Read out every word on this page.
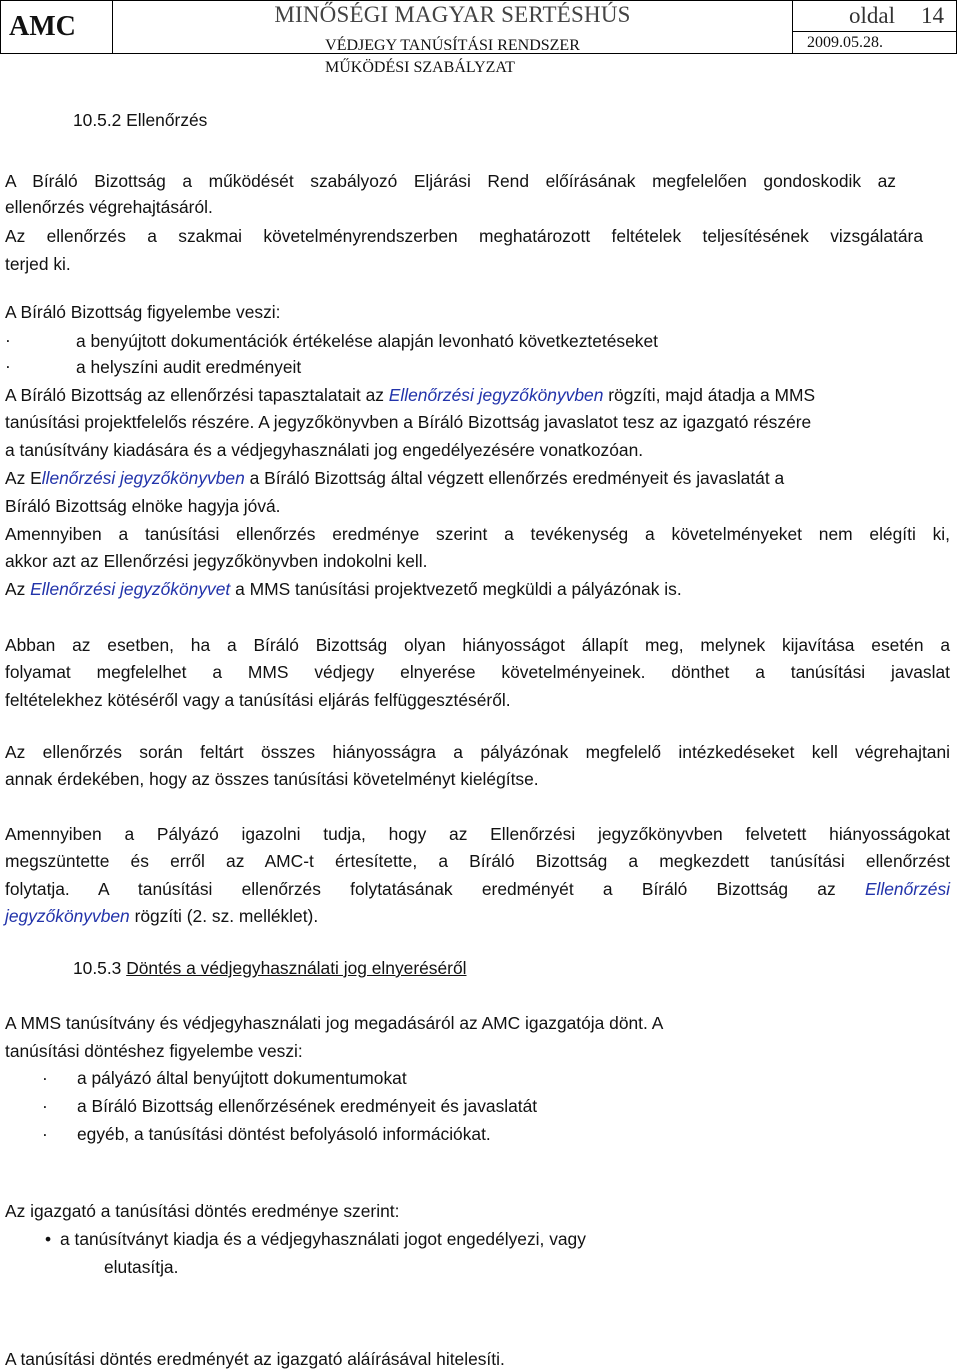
AMC	MINŐSÉGI MAGYAR SERTÉSHÚS
VÉDJEGY TANÚSÍTÁSI RENDSZER
oldal 14
2009.05.28.
MŰKÖDÉSI SZABÁLYZAT
10.5.2 Ellenőrzés
A Bíráló Bizottság a működését szabályozó Eljárási Rend előírásának megfelelően gondoskodik az
ellenőrzés végrehajtásáról.
Az ellenőrzés a szakmai követelményrendszerben meghatározott feltételek teljesítésének vizsgálatára
terjed ki.
A Bíráló Bizottság figyelembe veszi:
·	a benyújtott dokumentációk értékelése alapján levonható következtetéseket
·	a helyszíni audit eredményeit
A Bíráló Bizottság az ellenőrzési tapasztalatait az Ellenőrzési jegyzőkönyvben rögzíti, majd átadja a MMS
tanúsítási projektfelelős részére. A jegyzőkönyvben a Bíráló Bizottság javaslatot tesz az igazgató részére
a tanúsítvány kiadására és a védjegyhasználati jog engedélyezésére vonatkozóan.
Az Ellenőrzési jegyzőkönyvben a Bíráló Bizottság által végzett ellenőrzés eredményeit és javaslatát a
Bíráló Bizottság elnöke hagyja jóvá.
Amennyiben a tanúsítási ellenőrzés eredménye szerint a tevékenység a követelményeket nem elégíti ki,
akkor azt az Ellenőrzési jegyzőkönyvben indokolni kell.
Az Ellenőrzési jegyzőkönyvet a MMS tanúsítási projektvezető megküldi a pályázónak is.
Abban az esetben, ha a Bíráló Bizottság olyan hiányosságot állapít meg, melynek kijavítása esetén a
folyamat megfelelhet a MMS védjegy elnyerése követelményeinek. dönthet a tanúsítási javaslat
feltételekhez kötéséről vagy a tanúsítási eljárás felfüggesztéséről.
Az ellenőrzés során feltárt összes hiányosságra a pályázónak megfelelő intézkedéseket kell végrehajtani
annak érdekében, hogy az összes tanúsítási követelményt kielégítse.
Amennyiben a Pályázó igazolni tudja, hogy az Ellenőrzési jegyzőkönyvben felvetett hiányosságokat
megszüntette és erről az AMC-t értesítette, a Bíráló Bizottság a megkezdett tanúsítási ellenőrzést
folytatja. A tanúsítási ellenőrzés folytatásának eredményét a Bíráló Bizottság az Ellenőrzési
jegyzőkönyvben rögzíti (2. sz. melléklet).
10.5.3 Döntés a védjegyhasználati jog elnyeréséről
A MMS tanúsítvány és védjegyhasználati jog megadásáról az AMC igazgatója dönt. A
tanúsítási döntéshez figyelembe veszi:
· a pályázó által benyújtott dokumentumokat
· a Bíráló Bizottság ellenőrzésének eredményeit és javaslatát
· egyéb, a tanúsítási döntést befolyásoló információkat.
Az igazgató a tanúsítási döntés eredménye szerint:
• a tanúsítványt kiadja és a védjegyhasználati jogot engedélyezi, vagy
elutasítja.
A tanúsítási döntés eredményét az igazgató aláírásával hitelesíti.
